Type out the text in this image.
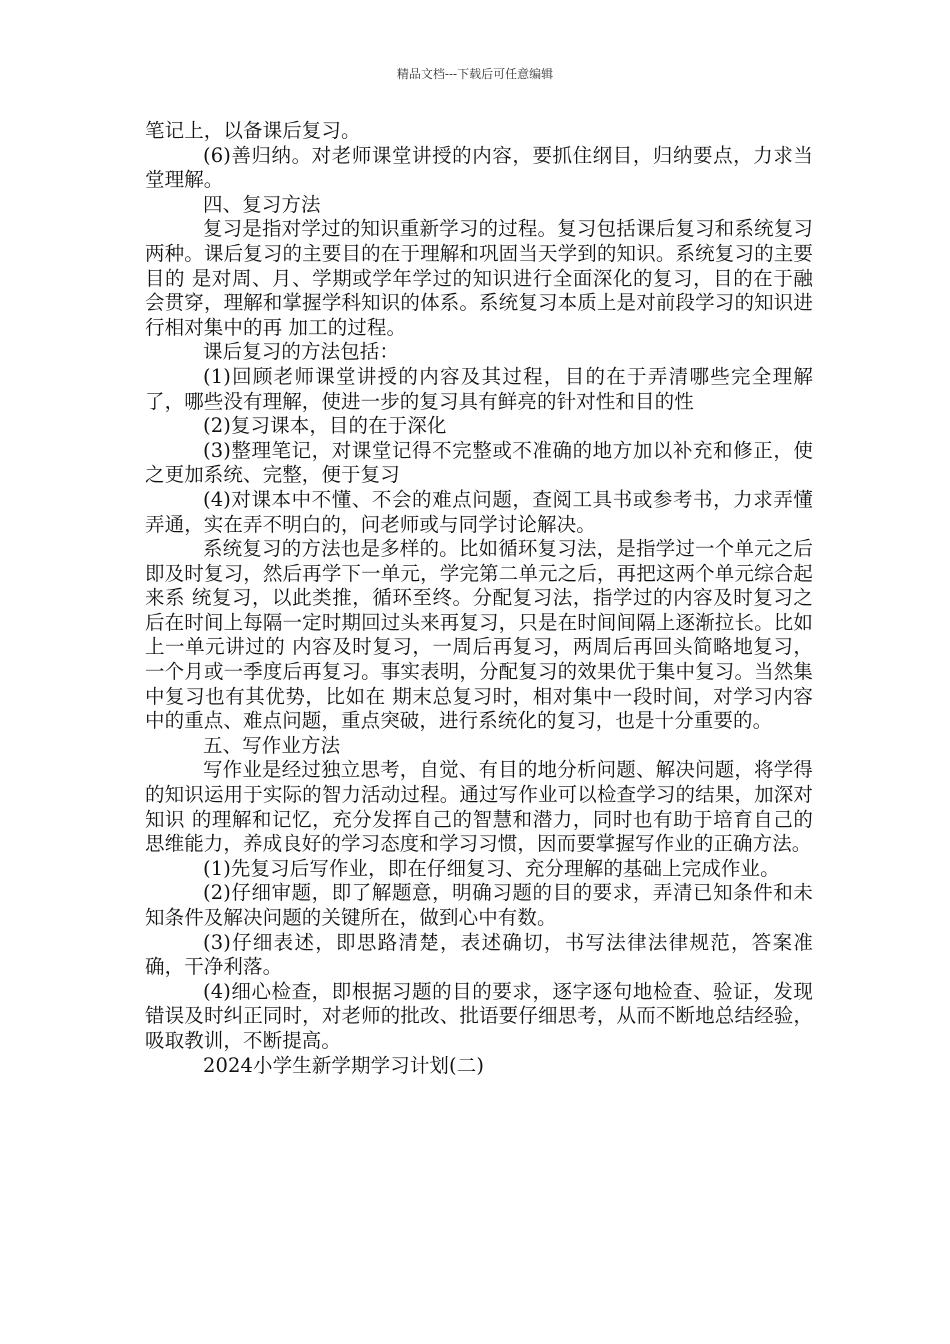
精品文档---下载后可任意编辑

笔记上，以备课后复习。

(6)善归纳。对老师课堂讲授的内容，要抓住纲目，归纳要点，力求当堂理解。

四、复习方法

复习是指对学过的知识重新学习的过程。复习包括课后复习和系统复习两种。课后复习的主要目的在于理解和巩固当天学到的知识。系统复习的主要目的 是对周、月、学期或学年学过的知识进行全面深化的复习，目的在于融会贯穿，理解和掌握学科知识的体系。系统复习本质上是对前段学习的知识进行相对集中的再 加工的过程。

课后复习的方法包括：

(1)回顾老师课堂讲授的内容及其过程，目的在于弄清哪些完全理解了，哪些没有理解，使进一步的复习具有鲜亮的针对性和目的性

(2)复习课本，目的在于深化

(3)整理笔记，对课堂记得不完整或不准确的地方加以补充和修正，使之更加系统、完整，便于复习

(4)对课本中不懂、不会的难点问题，查阅工具书或参考书，力求弄懂弄通，实在弄不明白的，问老师或与同学讨论解决。

系统复习的方法也是多样的。比如循环复习法，是指学过一个单元之后即及时复习，然后再学下一单元，学完第二单元之后，再把这两个单元综合起来系 统复习，以此类推，循环至终。分配复习法，指学过的内容及时复习之后在时间上每隔一定时期回过头来再复习，只是在时间间隔上逐渐拉长。比如上一单元讲过的 内容及时复习，一周后再复习，两周后再回头简略地复习，一个月或一季度后再复习。事实表明，分配复习的效果优于集中复习。当然集中复习也有其优势，比如在 期末总复习时，相对集中一段时间，对学习内容中的重点、难点问题，重点突破，进行系统化的复习，也是十分重要的。

五、写作业方法

写作业是经过独立思考，自觉、有目的地分析问题、解决问题，将学得的知识运用于实际的智力活动过程。通过写作业可以检查学习的结果，加深对知识 的理解和记忆，充分发挥自己的智慧和潜力，同时也有助于培育自己的思维能力，养成良好的学习态度和学习习惯，因而要掌握写作业的正确方法。

(1)先复习后写作业，即在仔细复习、充分理解的基础上完成作业。

(2)仔细审题，即了解题意，明确习题的目的要求，弄清已知条件和未知条件及解决问题的关键所在，做到心中有数。

(3)仔细表述，即思路清楚，表述确切，书写法律法律规范，答案准确，干净利落。

(4)细心检查，即根据习题的目的要求，逐字逐句地检查、验证，发现错误及时纠正同时，对老师的批改、批语要仔细思考，从而不断地总结经验，吸取教训，不断提高。

2024小学生新学期学习计划(二)
